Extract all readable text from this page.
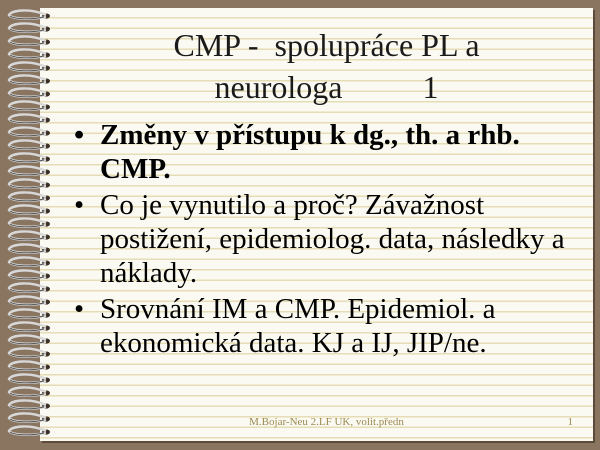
CMP -  spolupráce PL a
neurologa          1
• Změny v přístupu k dg., th. a rhb. CMP.
• Co je vynutilo a proč? Závažnost postižení, epidemiolog. data, následky a náklady.
• Srovnání IM a CMP. Epidemiol. a ekonomická data. KJ a IJ, JIP/ne.
M.Bojar-Neu 2.LF UK, volit.předn	1
